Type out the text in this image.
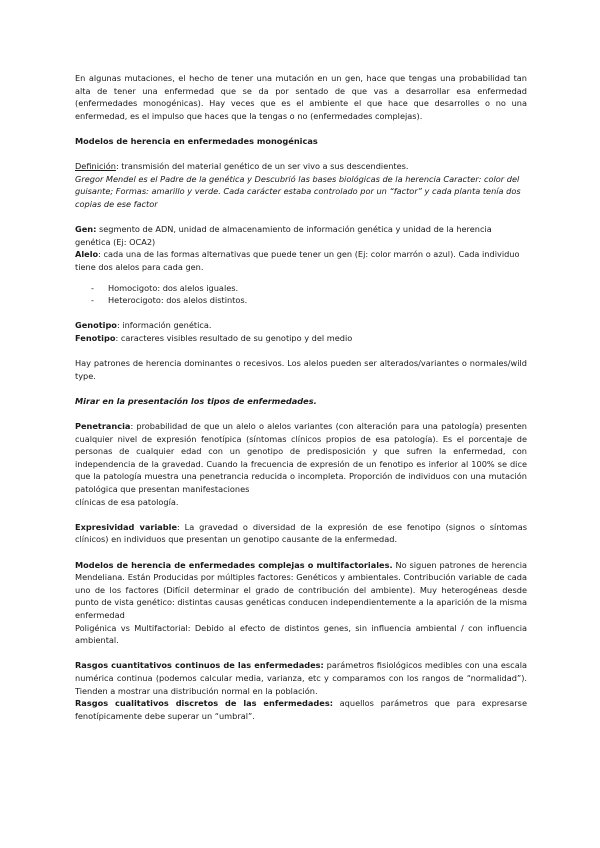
En algunas mutaciones, el hecho de tener una mutación en un gen, hace que tengas una probabilidad tan alta de tener una enfermedad que se da por sentado de que vas a desarrollar esa enfermedad (enfermedades monogénicas). Hay veces que es el ambiente el que hace que desarrolles o no una enfermedad, es el impulso que haces que la tengas o no (enfermedades complejas).

Modelos de herencia en enfermedades monogénicas

Definición: transmisión del material genético de un ser vivo a sus descendientes.

Gregor Mendel es el Padre de la genética y Descubrió las bases biológicas de la herencia Caracter: color del guisante; Formas: amarillo y verde. Cada carácter estaba controlado por un “factor” y cada planta tenía dos copias de ese factor

Gen: segmento de ADN, unidad de almacenamiento de información genética y unidad de la herencia genética (Ej: OCA2)

Alelo: cada una de las formas alternativas que puede tener un gen (Ej: color marrón o azul). Cada individuo tiene dos alelos para cada gen.

- Homocigoto: dos alelos iguales.
- Heterocigoto: dos alelos distintos.

Genotipo: información genética.

Fenotipo: caracteres visibles resultado de su genotipo y del medio

Hay patrones de herencia dominantes o recesivos. Los alelos pueden ser alterados/variantes o normales/wild type.

Mirar en la presentación los tipos de enfermedades.

Penetrancia: probabilidad de que un alelo o alelos variantes (con alteración para una patología) presenten cualquier nivel de expresión fenotípica (síntomas clínicos propios de esa patología). Es el porcentaje de personas de cualquier edad con un genotipo de predisposición y que sufren la enfermedad, con independencia de la gravedad. Cuando la frecuencia de expresión de un fenotipo es inferior al 100% se dice que la patología muestra una penetrancia reducida o incompleta. Proporción de individuos con una mutación patológica que presentan manifestaciones

clínicas de esa patología.

Expresividad variable: La gravedad o diversidad de la expresión de ese fenotipo (signos o síntomas clínicos) en individuos que presentan un genotipo causante de la enfermedad.

Modelos de herencia de enfermedades complejas o multifactoriales. No siguen patrones de herencia Mendeliana. Están Producidas por múltiples factores: Genéticos y ambientales. Contribución variable de cada uno de los factores (Difícil determinar el grado de contribución del ambiente). Muy heterogéneas desde punto de vista genético: distintas causas genéticas conducen independientemente a la aparición de la misma enfermedad

Poligénica vs Multifactorial: Debido al efecto de distintos genes, sin influencia ambiental / con influencia ambiental.

Rasgos cuantitativos continuos de las enfermedades: parámetros fisiológicos medibles con una escala numérica continua (podemos calcular media, varianza, etc y comparamos con los rangos de “normalidad”). Tienden a mostrar una distribución normal en la población.

Rasgos cualitativos discretos de las enfermedades: aquellos parámetros que para expresarse fenotípicamente debe superar un “umbral”.
